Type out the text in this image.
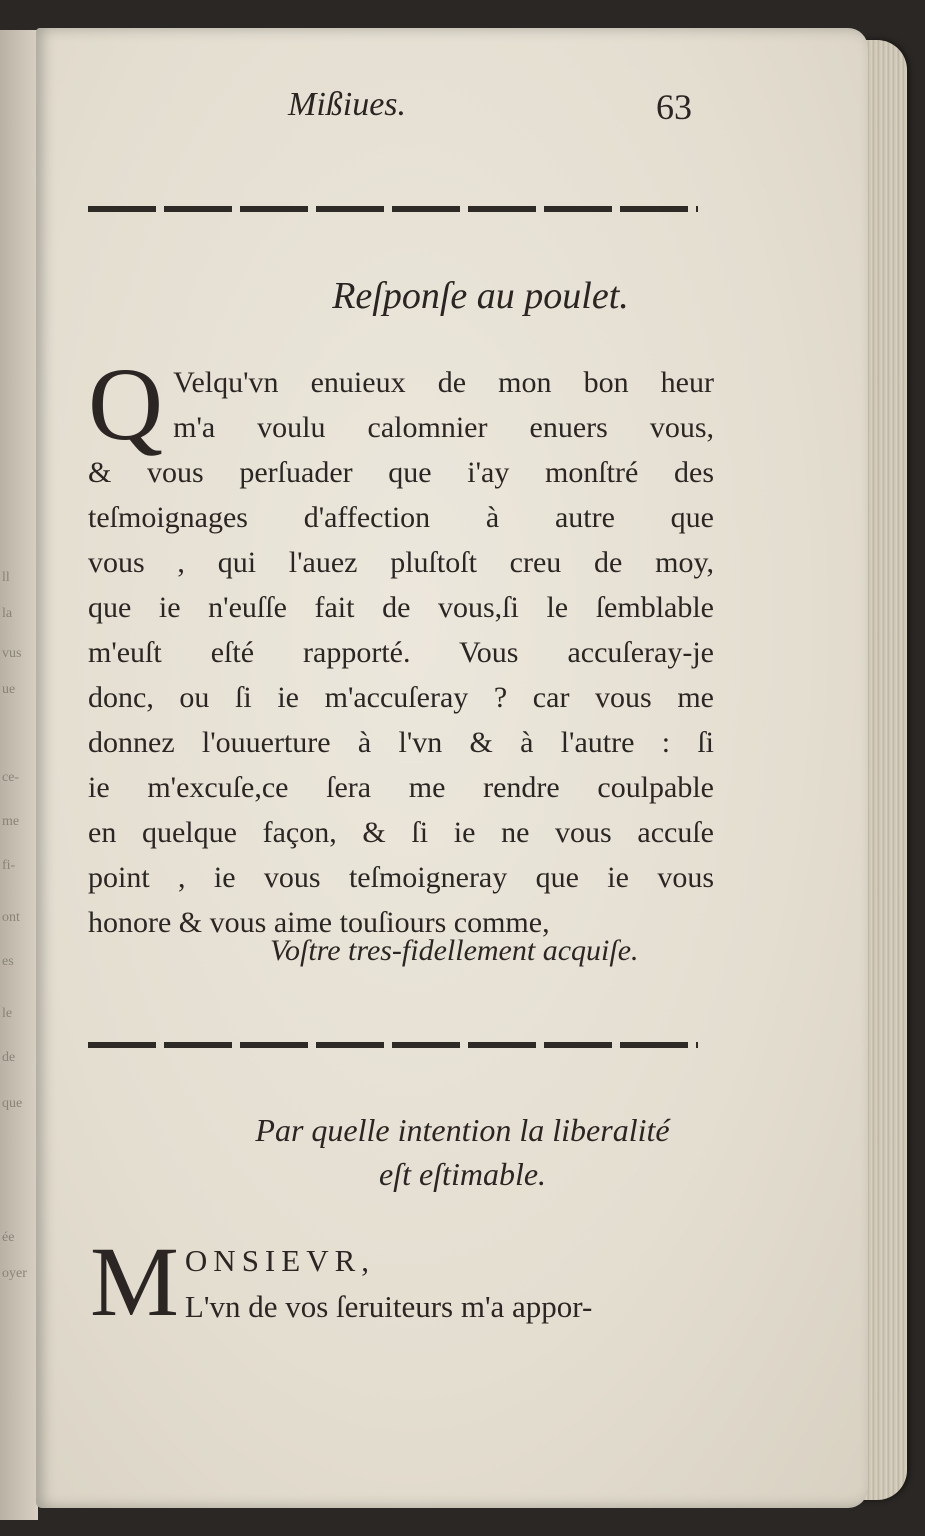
ll
la
vus
ue
ce-
me
fi-
ont
es
le
de
que
ée
oyer
Mißiues.	63
Reſponſe au poulet.
Q Velqu'vn enuieux de mon bon heur
m'a voulu calomnier enuers vous,
& vous perſuader que i'ay monſtré des
teſmoignages d'affection à autre que
vous , qui l'auez pluſtoſt creu de moy,
que ie n'euſſe fait de vous,ſi le ſemblable
m'euſt eſté rapporté. Vous accuſeray-je
donc, ou ſi ie m'accuſeray ? car vous me
donnez l'ouuerture à l'vn & à l'autre : ſi
ie m'excuſe,ce ſera me rendre coulpable
en quelque façon, & ſi ie ne vous accuſe
point , ie vous teſmoigneray que ie vous
honore & vous aime touſiours comme,
Voſtre tres-fidellement acquiſe.
Par quelle intention la liberalité
eſt eſtimable.
M ONSIEVR,
L'vn de vos ſeruiteurs m'a appor-
